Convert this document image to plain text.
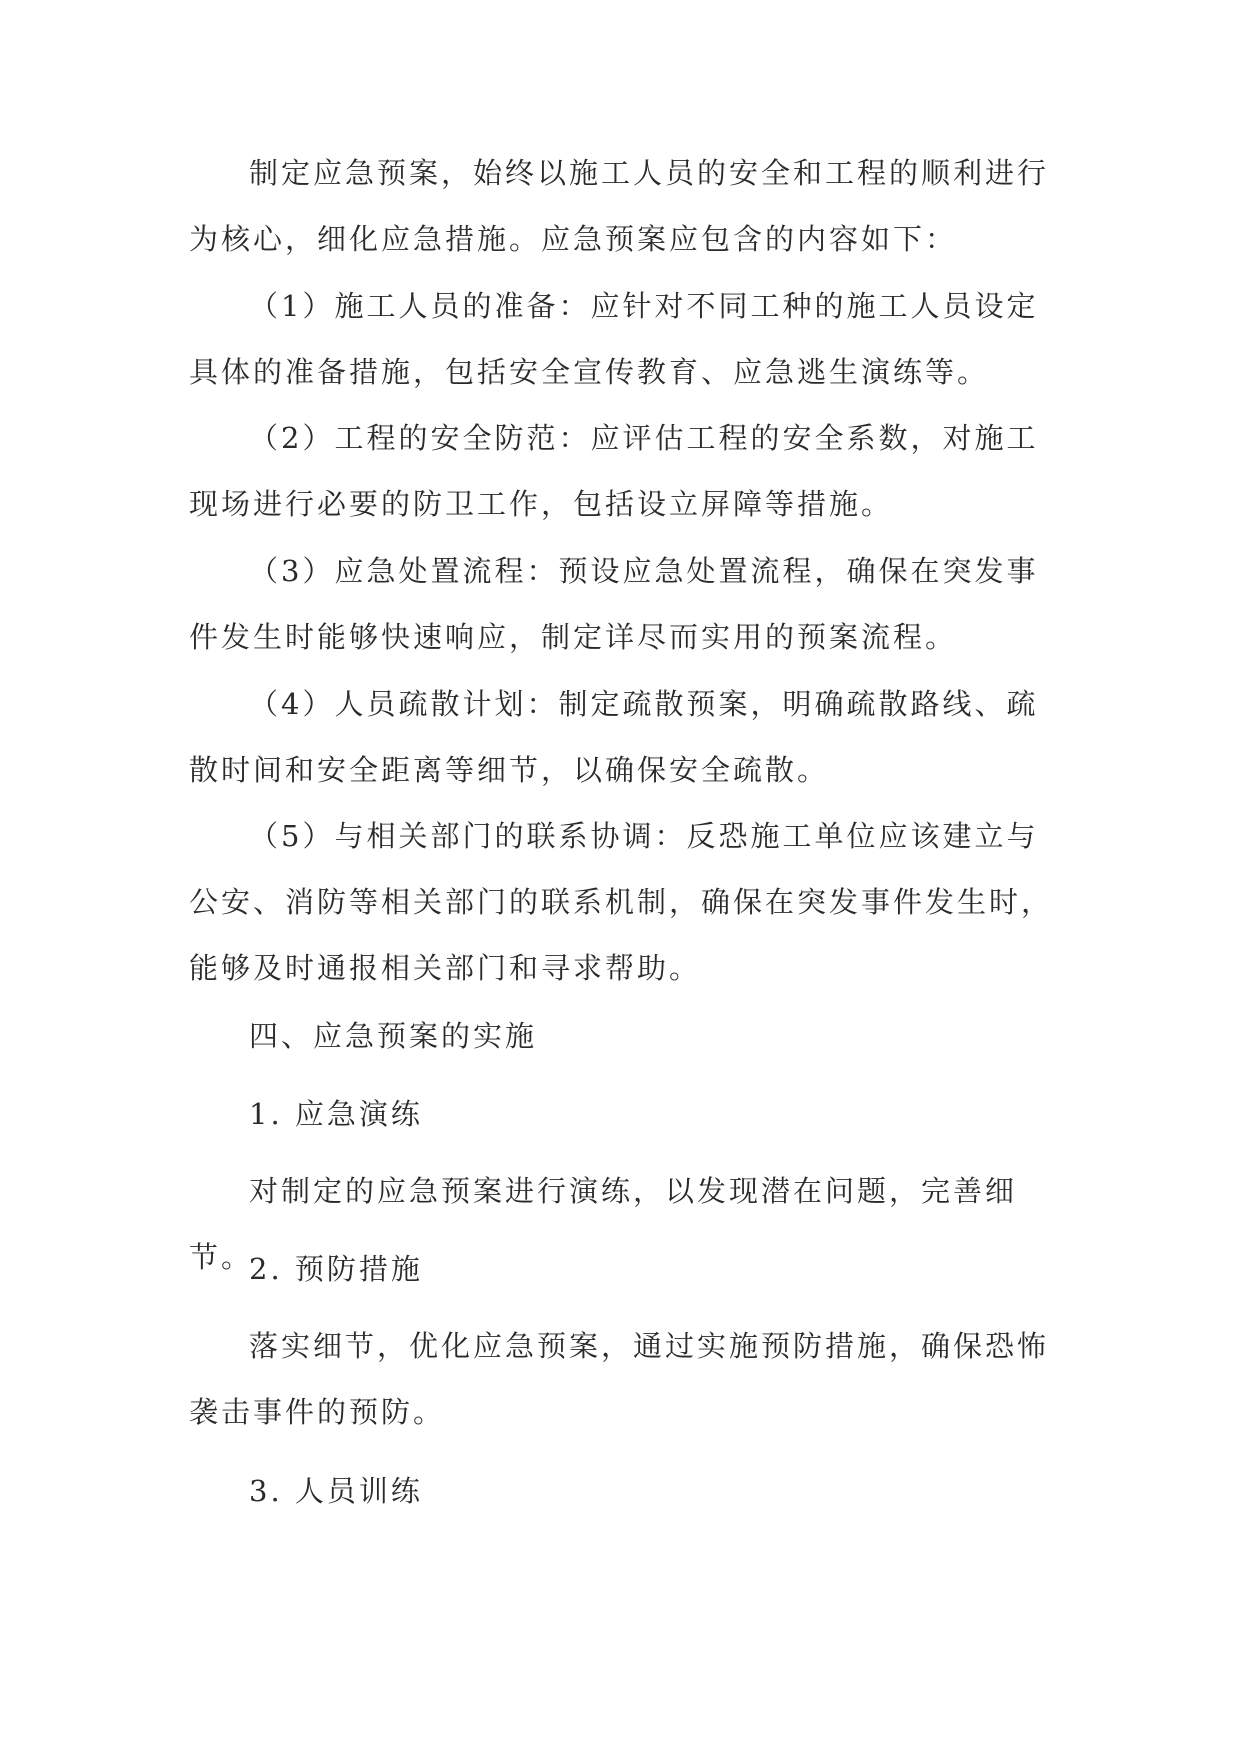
制定应急预案，始终以施工人员的安全和工程的顺利进行为核心，细化应急措施。应急预案应包含的内容如下：

（1）施工人员的准备：应针对不同工种的施工人员设定具体的准备措施，包括安全宣传教育、应急逃生演练等。

（2）工程的安全防范：应评估工程的安全系数，对施工现场进行必要的防卫工作，包括设立屏障等措施。

（3）应急处置流程：预设应急处置流程，确保在突发事件发生时能够快速响应，制定详尽而实用的预案流程。

（4）人员疏散计划：制定疏散预案，明确疏散路线、疏散时间和安全距离等细节，以确保安全疏散。

（5）与相关部门的联系协调：反恐施工单位应该建立与公安、消防等相关部门的联系机制，确保在突发事件发生时，能够及时通报相关部门和寻求帮助。

四、应急预案的实施

1. 应急演练

对制定的应急预案进行演练，以发现潜在问题，完善细节。

2. 预防措施

落实细节，优化应急预案，通过实施预防措施，确保恐怖袭击事件的预防。

3. 人员训练
